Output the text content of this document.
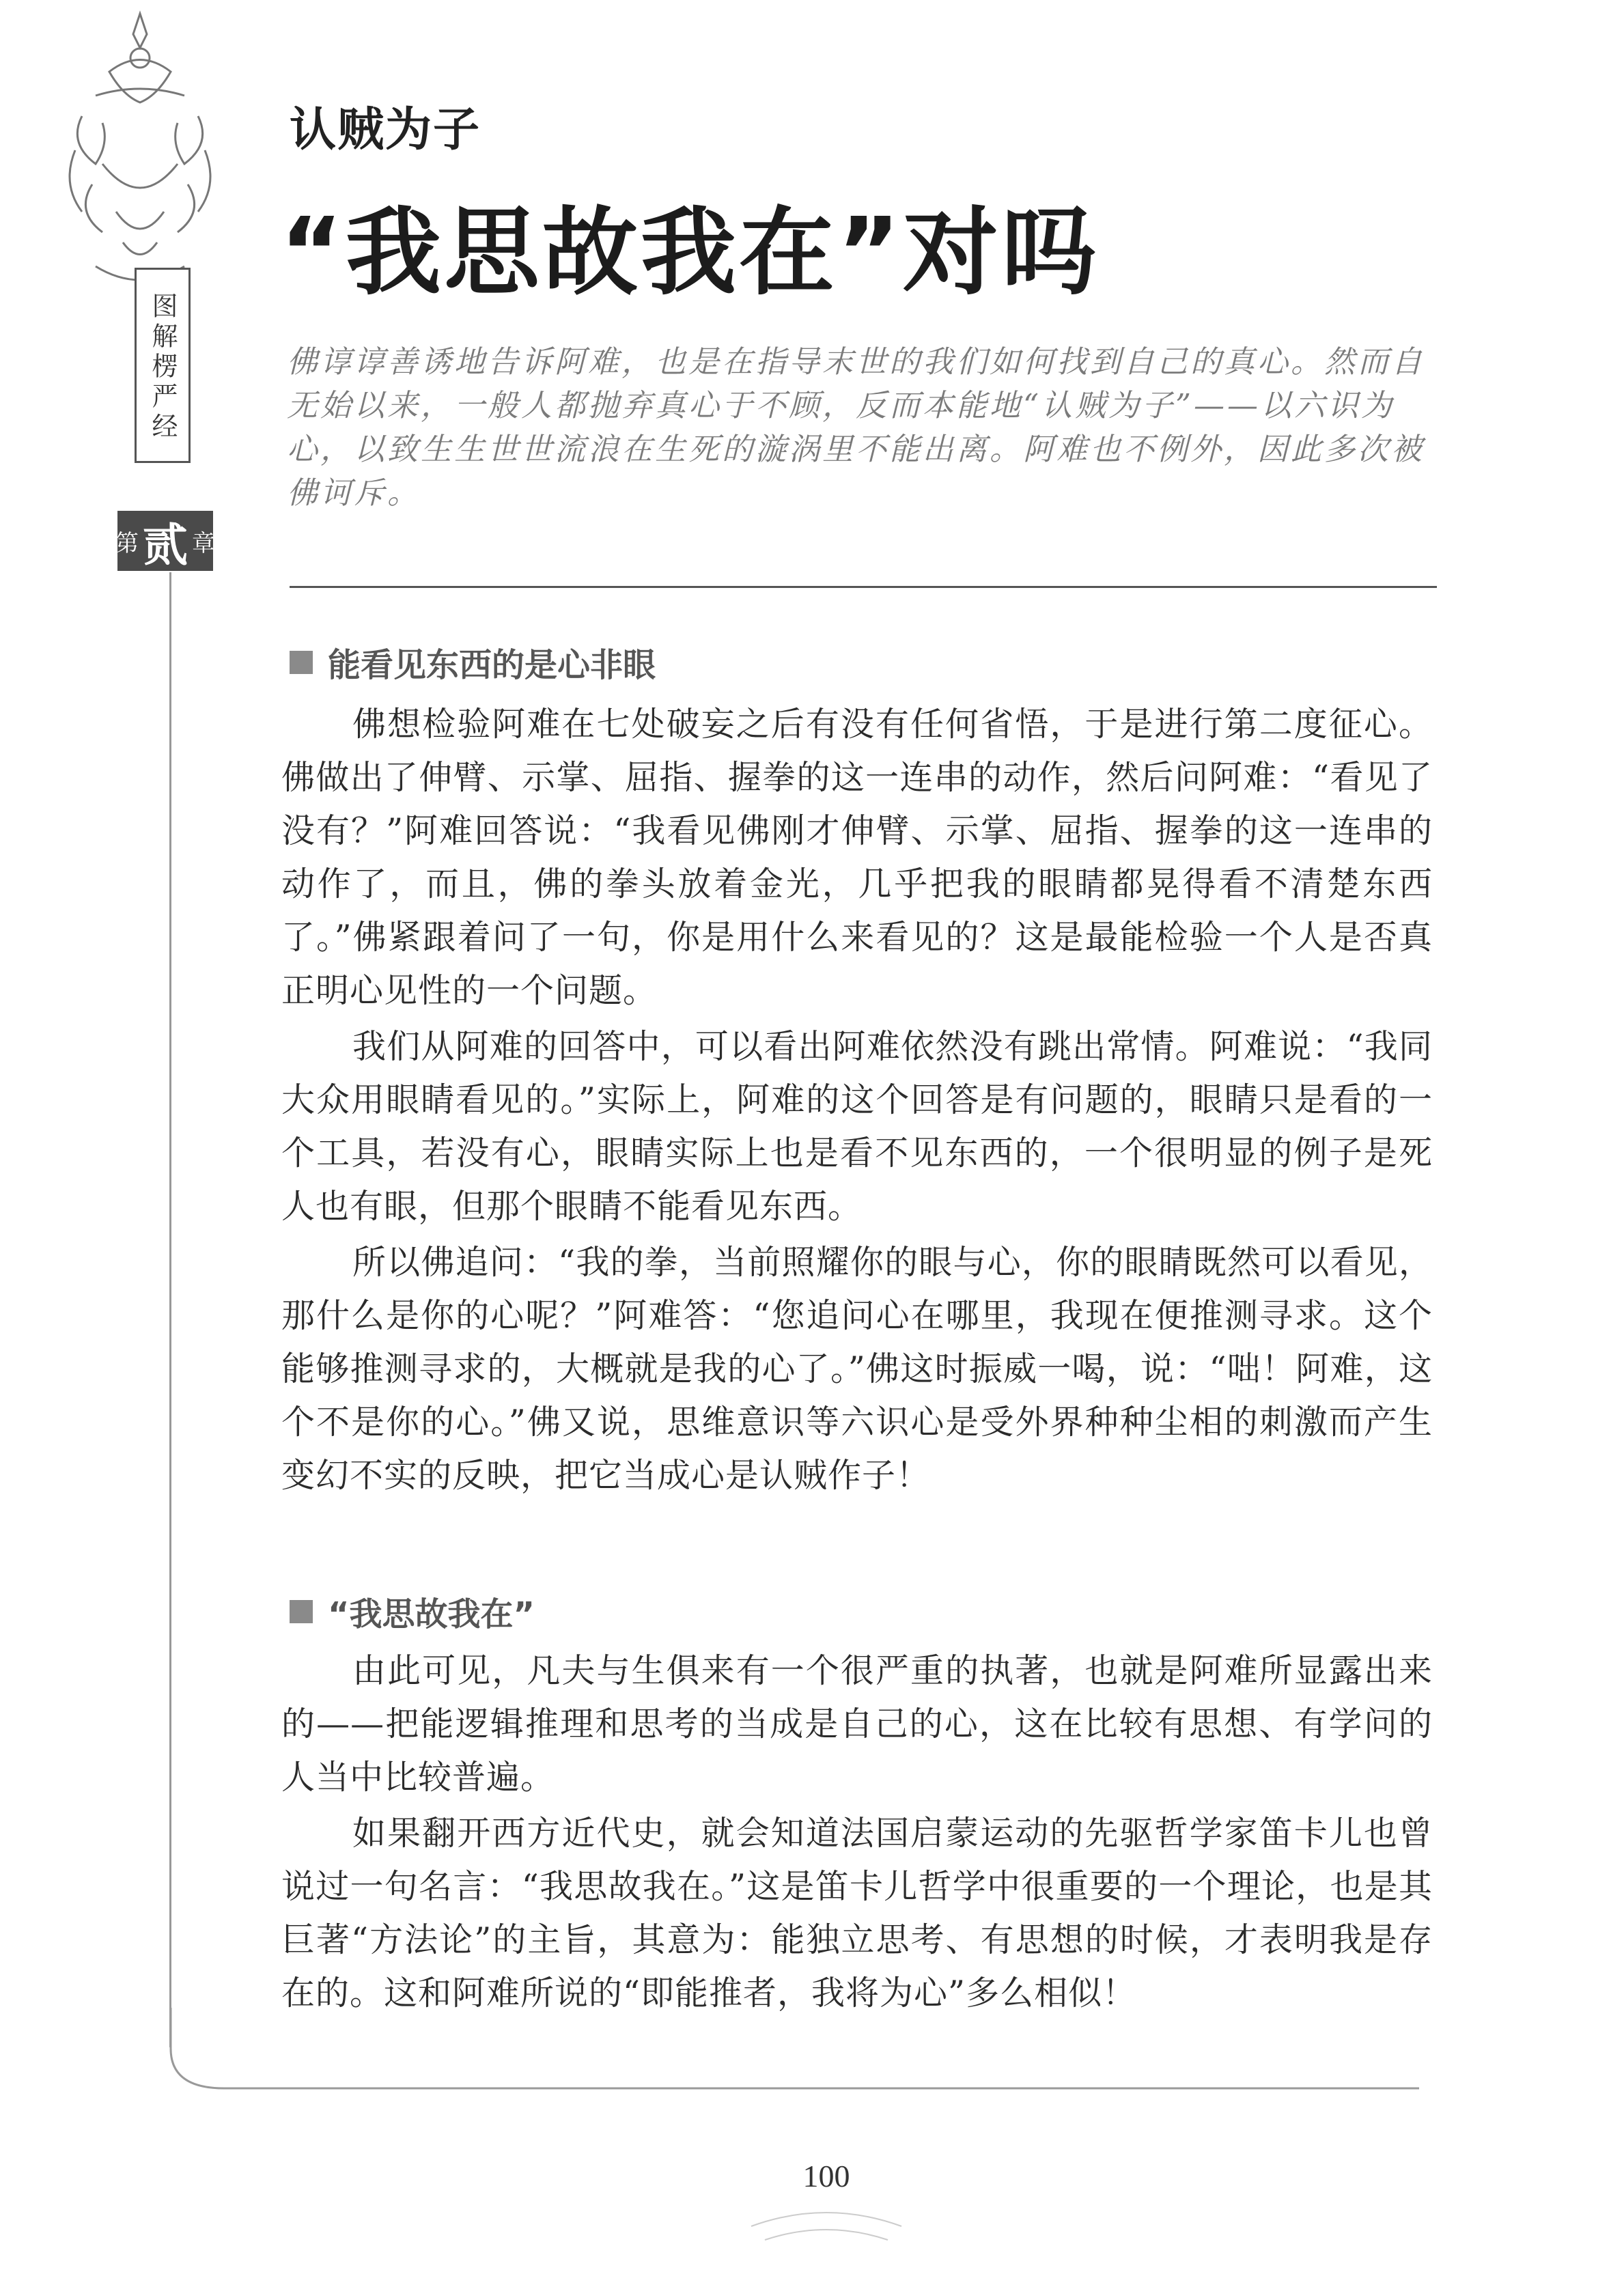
图解楞严经
第 贰 章
认贼为子
“我思故我在”对吗
佛谆谆善诱地告诉阿难，也是在指导末世的我们如何找到自己的真心。然而自无始以来，一般人都抛弃真心于不顾，反而本能地“认贼为子”——以六识为心，以致生生世世流浪在生死的漩涡里不能出离。阿难也不例外，因此多次被佛诃斥。
能看见东西的是心非眼

佛想检验阿难在七处破妄之后有没有任何省悟，于是进行第二度征心。佛做出了伸臂、示掌、屈指、握拳的这一连串的动作，然后问阿难：“看见了没有？”阿难回答说：“我看见佛刚才伸臂、示掌、屈指、握拳的这一连串的动作了，而且，佛的拳头放着金光，几乎把我的眼睛都晃得看不清楚东西了。”佛紧跟着问了一句，你是用什么来看见的？这是最能检验一个人是否真正明心见性的一个问题。

我们从阿难的回答中，可以看出阿难依然没有跳出常情。阿难说：“我同大众用眼睛看见的。”实际上，阿难的这个回答是有问题的，眼睛只是看的一个工具，若没有心，眼睛实际上也是看不见东西的，一个很明显的例子是死人也有眼，但那个眼睛不能看见东西。

所以佛追问：“我的拳，当前照耀你的眼与心，你的眼睛既然可以看见，那什么是你的心呢？”阿难答：“您追问心在哪里，我现在便推测寻求。这个能够推测寻求的，大概就是我的心了。”佛这时振威一喝，说：“咄！阿难，这个不是你的心。”佛又说，思维意识等六识心是受外界种种尘相的刺激而产生变幻不实的反映，把它当成心是认贼作子！

“我思故我在”

由此可见，凡夫与生俱来有一个很严重的执著，也就是阿难所显露出来的——把能逻辑推理和思考的当成是自己的心，这在比较有思想、有学问的人当中比较普遍。

如果翻开西方近代史，就会知道法国启蒙运动的先驱哲学家笛卡儿也曾说过一句名言：“我思故我在。”这是笛卡儿哲学中很重要的一个理论，也是其巨著“方法论”的主旨，其意为：能独立思考、有思想的时候，才表明我是存在的。这和阿难所说的“即能推者，我将为心”多么相似！

100
